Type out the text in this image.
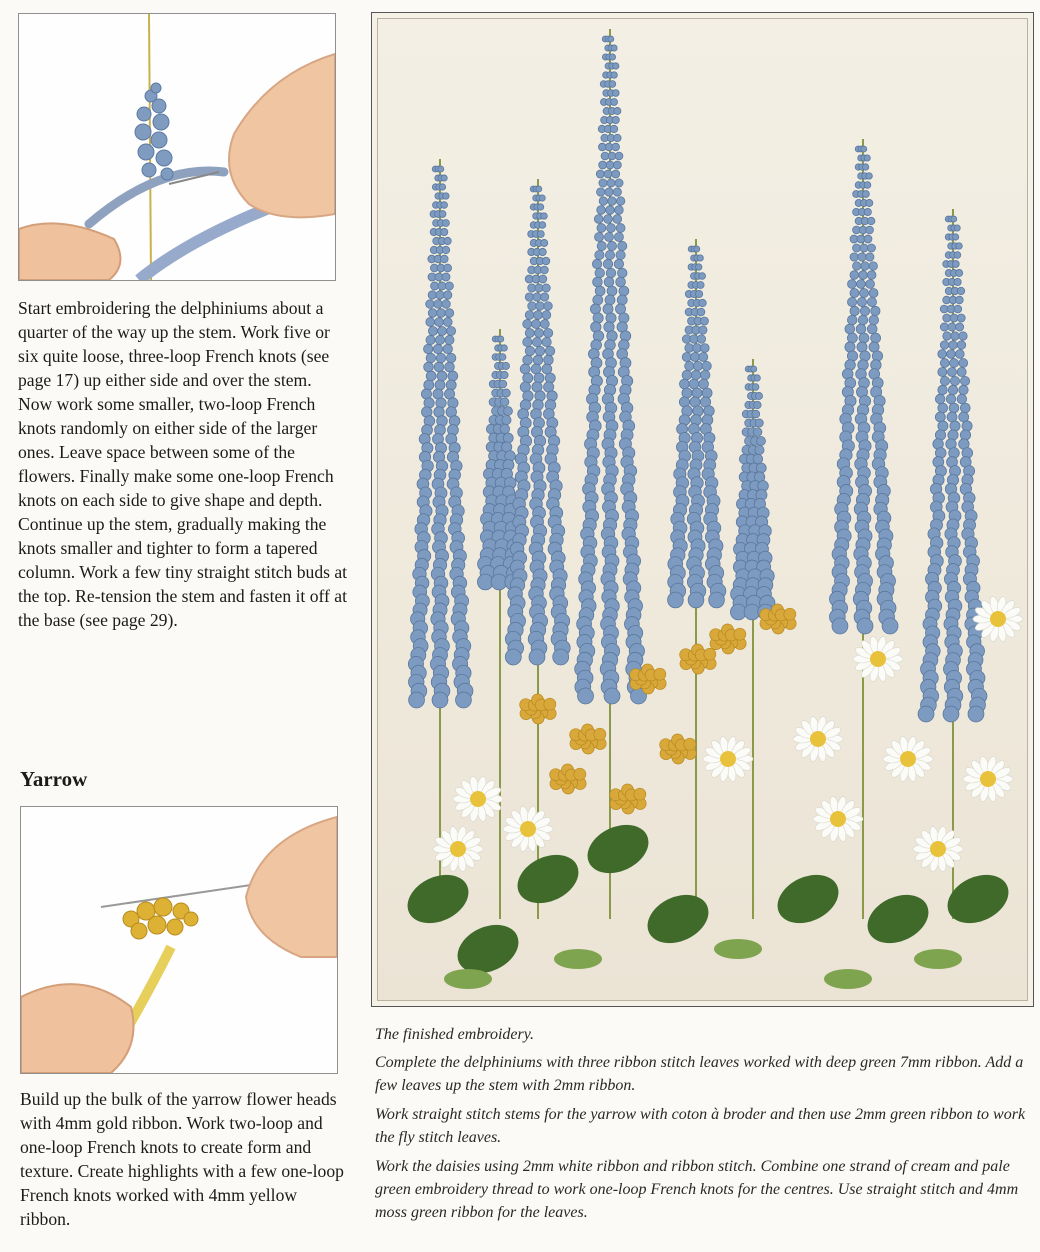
Start embroidering the delphiniums about a quarter of the way up the stem. Work five or six quite loose, three-loop French knots (see page 17) up either side and over the stem. Now work some smaller, two-loop French knots randomly on either side of the larger ones. Leave space between some of the flowers. Finally make some one-loop French knots on each side to give shape and depth. Continue up the stem, gradually making the knots smaller and tighter to form a tapered column. Work a few tiny straight stitch buds at the top. Re-tension the stem and fasten it off at the base (see page 29).

Yarrow

Build up the bulk of the yarrow flower heads with 4mm gold ribbon. Work two-loop and one-loop French knots to create form and texture. Create highlights with a few one-loop French knots worked with 4mm yellow ribbon.

The finished embroidery.

Complete the delphiniums with three ribbon stitch leaves worked with deep green 7mm ribbon. Add a few leaves up the stem with 2mm ribbon.

Work straight stitch stems for the yarrow with coton à broder and then use 2mm green ribbon to work the fly stitch leaves.

Work the daisies using 2mm white ribbon and ribbon stitch. Combine one strand of cream and pale green embroidery thread to work one-loop French knots for the centres. Use straight stitch and 4mm moss green ribbon for the leaves.
